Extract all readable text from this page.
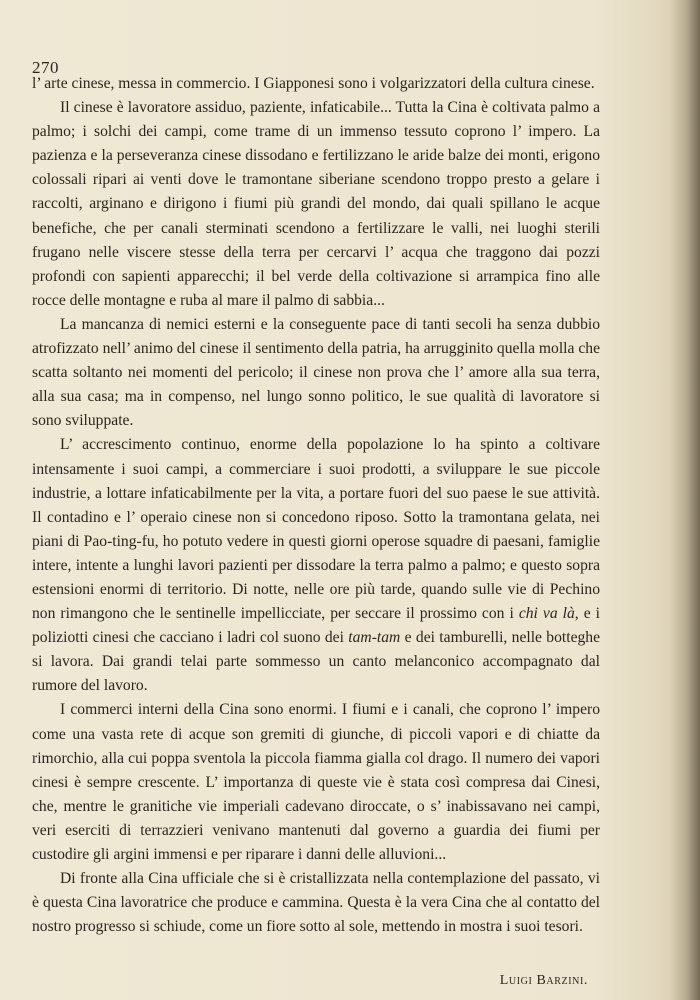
270

l’ arte cinese, messa in commercio. I Giapponesi sono i volgarizzatori della cultura cinese.

Il cinese è lavoratore assiduo, paziente, infaticabile... Tutta la Cina è coltivata palmo a palmo; i solchi dei campi, come trame di un immenso tessuto coprono l’ impero. La pazienza e la perseveranza cinese dissodano e fertilizzano le aride balze dei monti, erigono colossali ripari ai venti dove le tramontane siberiane scendono troppo presto a gelare i raccolti, arginano e dirigono i fiumi più grandi del mondo, dai quali spillano le acque benefiche, che per canali sterminati scendono a fertilizzare le valli, nei luoghi sterili frugano nelle viscere stesse della terra per cercarvi l’ acqua che traggono dai pozzi profondi con sapienti apparecchi; il bel verde della coltivazione si arrampica fino alle rocce delle montagne e ruba al mare il palmo di sabbia...

La mancanza di nemici esterni e la conseguente pace di tanti secoli ha senza dubbio atrofizzato nell’ animo del cinese il sentimento della patria, ha arrugginito quella molla che scatta soltanto nei momenti del pericolo; il cinese non prova che l’ amore alla sua terra, alla sua casa; ma in compenso, nel lungo sonno politico, le sue qualità di lavoratore si sono sviluppate.

L’ accrescimento continuo, enorme della popolazione lo ha spinto a coltivare intensamente i suoi campi, a commerciare i suoi prodotti, a sviluppare le sue piccole industrie, a lottare infaticabilmente per la vita, a portare fuori del suo paese le sue attività. Il contadino e l’ operaio cinese non si concedono riposo. Sotto la tramontana gelata, nei piani di Pao-ting-fu, ho potuto vedere in questi giorni operose squadre di paesani, famiglie intere, intente a lunghi lavori pazienti per dissodare la terra palmo a palmo; e questo sopra estensioni enormi di territorio. Di notte, nelle ore più tarde, quando sulle vie di Pechino non rimangono che le sentinelle impellicciate, per seccare il prossimo con i chi va là, e i poliziotti cinesi che cacciano i ladri col suono dei tam-tam e dei tamburelli, nelle botteghe si lavora. Dai grandi telai parte sommesso un canto melanconico accompagnato dal rumore del lavoro.

I commerci interni della Cina sono enormi. I fiumi e i canali, che coprono l’ impero come una vasta rete di acque son gremiti di giunche, di piccoli vapori e di chiatte da rimorchio, alla cui poppa sventola la piccola fiamma gialla col drago. Il numero dei vapori cinesi è sempre crescente. L’ importanza di queste vie è stata così compresa dai Cinesi, che, mentre le granitiche vie imperiali cadevano diroccate, o s’ inabissavano nei campi, veri eserciti di terrazzieri venivano mantenuti dal governo a guardia dei fiumi per custodire gli argini immensi e per riparare i danni delle alluvioni...

Di fronte alla Cina ufficiale che si è cristallizzata nella contemplazione del passato, vi è questa Cina lavoratrice che produce e cammina. Questa è la vera Cina che al contatto del nostro progresso si schiude, come un fiore sotto al sole, mettendo in mostra i suoi tesori.

Luigi Barzini.
